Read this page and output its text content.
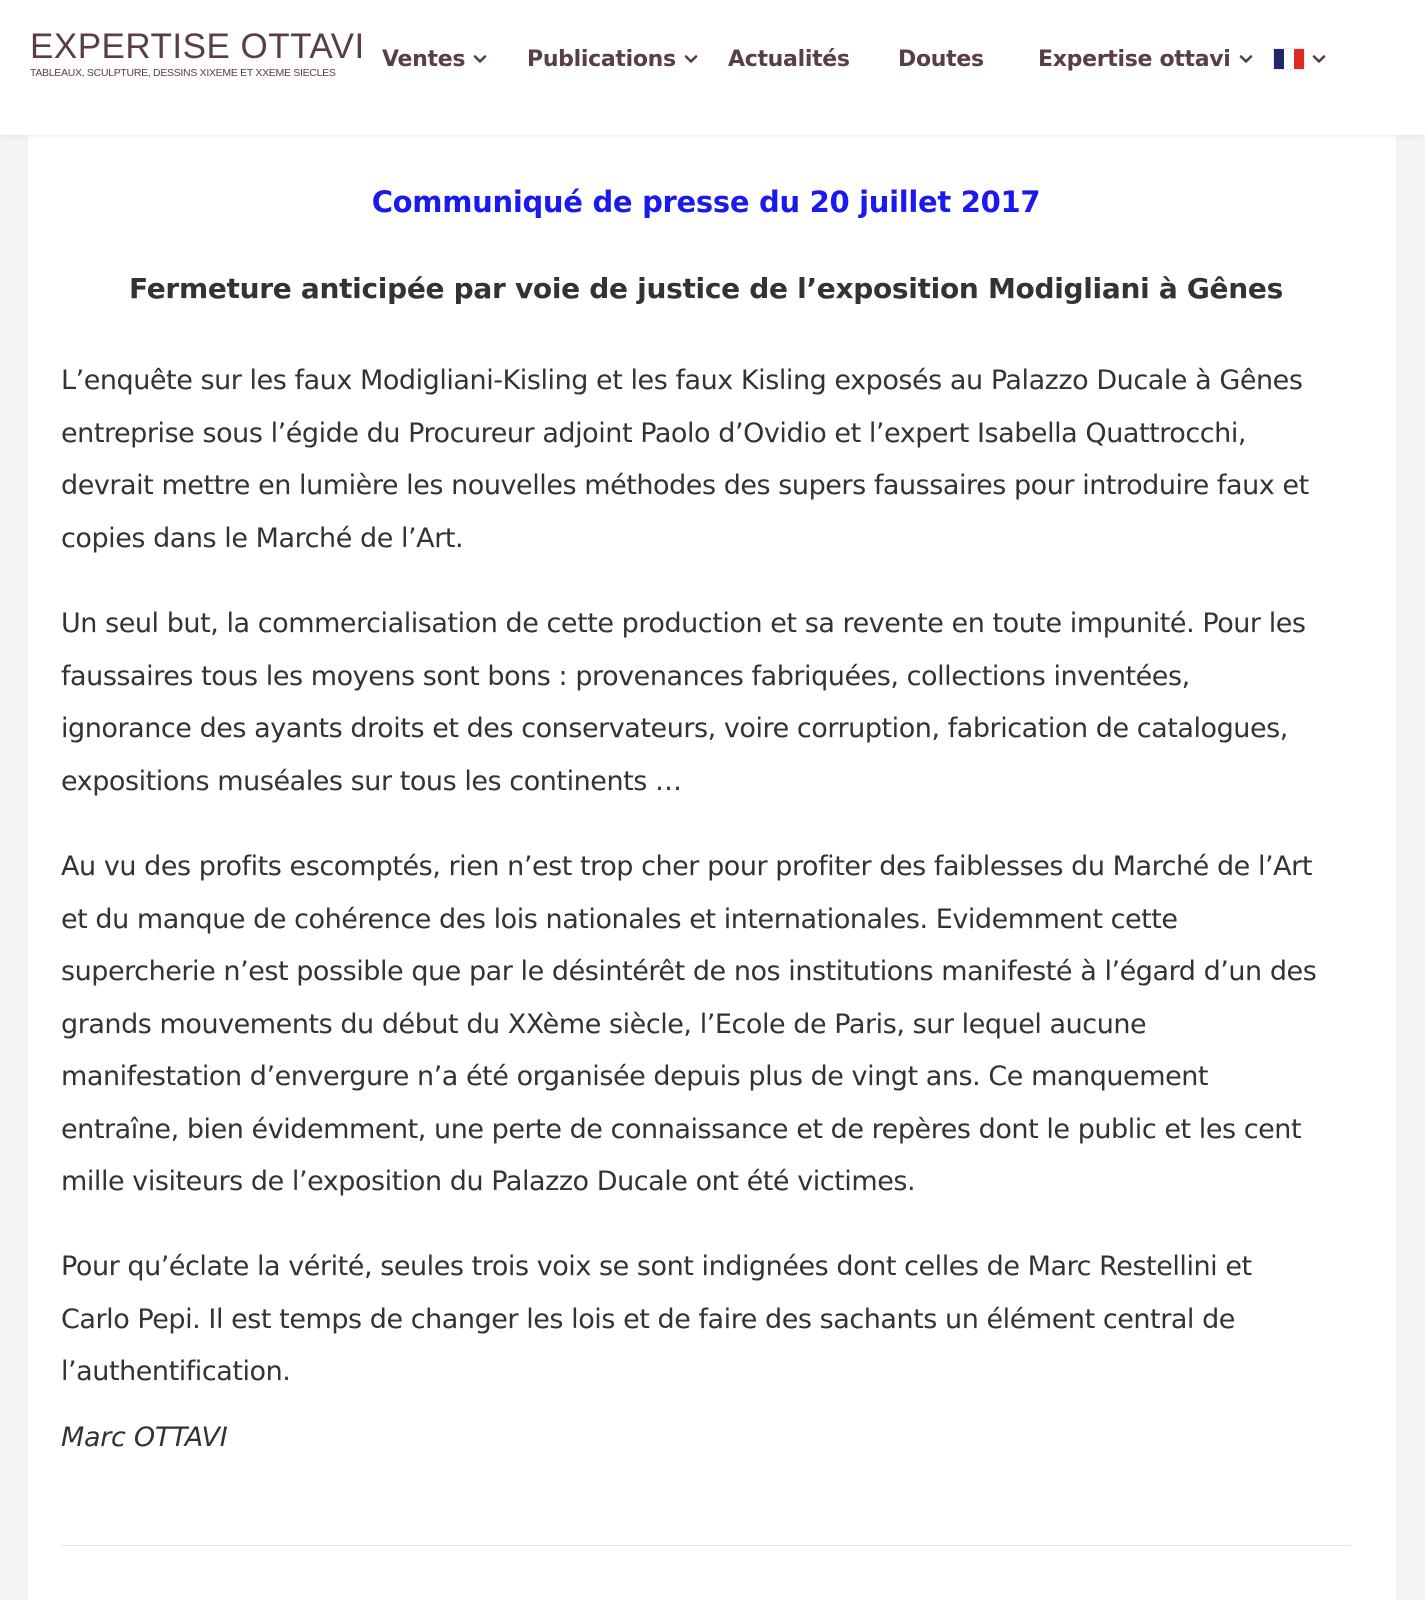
EXPERTISE OTTAVI
TABLEAUX, SCULPTURE, DESSINS XIXEME ET XXEME SIECLES
Ventes	Publications Actualités Doutes Expertise ottavi
Communiqué de presse du 20 juillet 2017
Fermeture anticipée par voie de justice de l’exposition Modigliani à Gênes

L’enquête sur les faux Modigliani-Kisling et les faux Kisling exposés au Palazzo Ducale à Gênes
entreprise sous l’égide du Procureur adjoint Paolo d’Ovidio et l’expert Isabella Quattrocchi,
devrait mettre en lumière les nouvelles méthodes des supers faussaires pour introduire faux et
copies dans le Marché de l’Art.

Un seul but, la commercialisation de cette production et sa revente en toute impunité. Pour les
faussaires tous les moyens sont bons : provenances fabriquées, collections inventées,
ignorance des ayants droits et des conservateurs, voire corruption, fabrication de catalogues,
expositions muséales sur tous les continents …

Au vu des profits escomptés, rien n’est trop cher pour profiter des faiblesses du Marché de l’Art
et du manque de cohérence des lois nationales et internationales. Evidemment cette
supercherie n’est possible que par le désintérêt de nos institutions manifesté à l’égard d’un des
grands mouvements du début du XXème siècle, l’Ecole de Paris, sur lequel aucune
manifestation d’envergure n’a été organisée depuis plus de vingt ans. Ce manquement
entraîne, bien évidemment, une perte de connaissance et de repères dont le public et les cent
mille visiteurs de l’exposition du Palazzo Ducale ont été victimes.

Pour qu’éclate la vérité, seules trois voix se sont indignées dont celles de Marc Restellini et
Carlo Pepi. Il est temps de changer les lois et de faire des sachants un élément central de
l’authentification.

Marc OTTAVI
